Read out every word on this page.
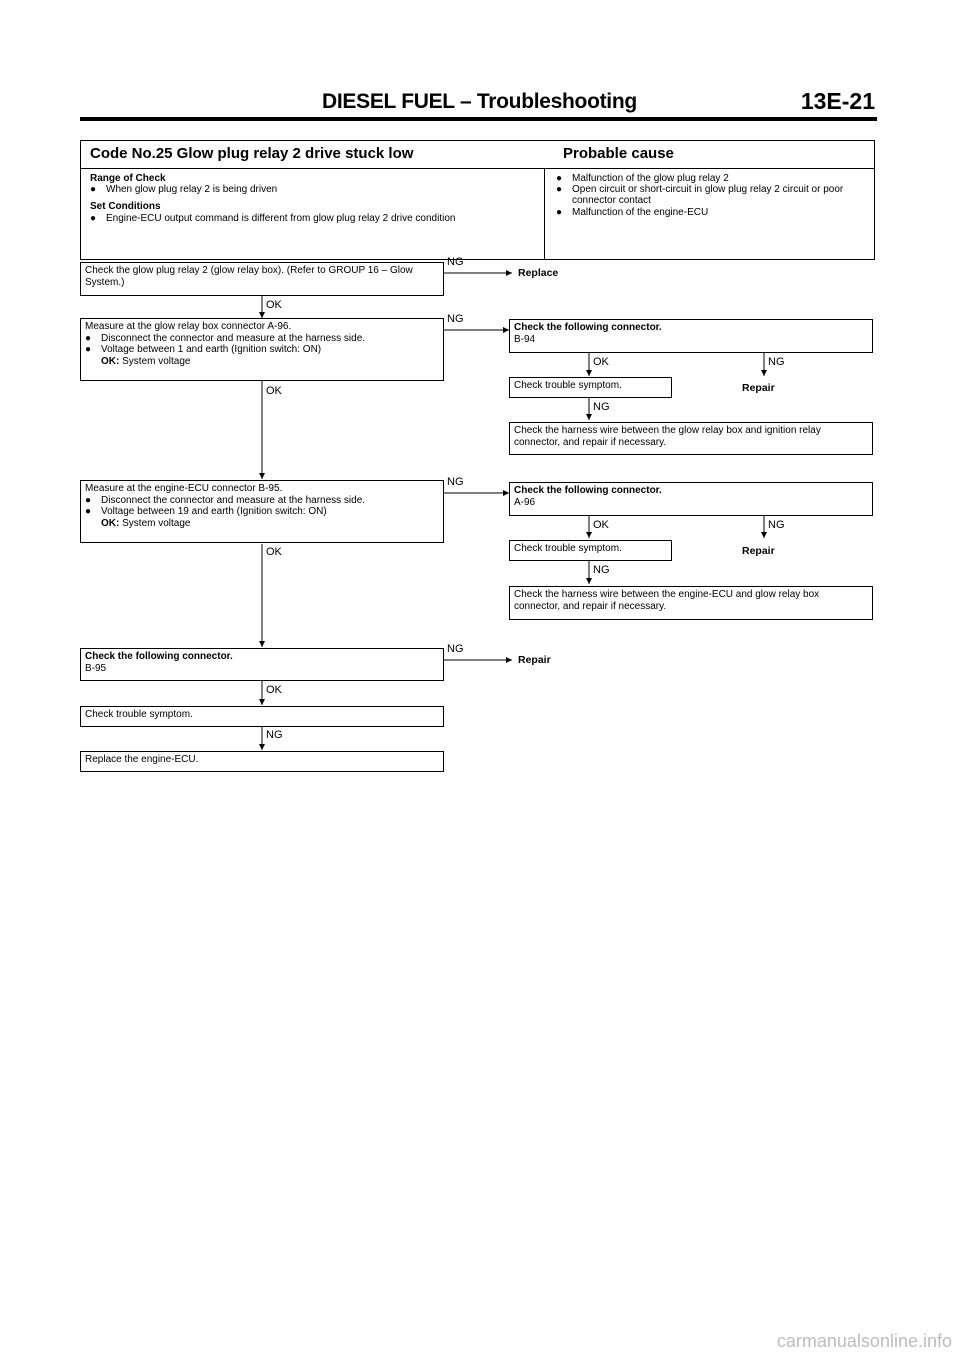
DIESEL FUEL – Troubleshooting	13E-21
Code No.25 Glow plug relay 2 drive stuck low	Probable cause
Range of Check
● When glow plug relay 2 is being driven
Set Conditions
● Engine-ECU output command is different from glow plug relay 2 drive condition
● Malfunction of the glow plug relay 2
● Open circuit or short-circuit in glow plug relay 2 circuit or poor connector contact
● Malfunction of the engine-ECU
Check the glow plug relay 2 (glow relay box). (Refer to GROUP 16 – Glow System.)
NG
Replace
OK
Measure at the glow relay box connector A-96.
● Disconnect the connector and measure at the harness side.
● Voltage between 1 and earth (Ignition switch: ON)
OK: System voltage
NG
OK
Check the following connector.
B-94
OK	NG
Check trouble symptom.	Repair
NG
Check the harness wire between the glow relay box and ignition relay connector, and repair if necessary.
Measure at the engine-ECU connector B-95.
● Disconnect the connector and measure at the harness side.
● Voltage between 19 and earth (Ignition switch: ON)
OK: System voltage
NG
OK
Check the following connector.
A-96
OK	NG
Check trouble symptom.	Repair
NG
Check the harness wire between the engine-ECU and glow relay box connector, and repair if necessary.
Check the following connector.
B-95
NG
Repair
OK
Check trouble symptom.
NG
Replace the engine-ECU.
carmanualsonline.info
